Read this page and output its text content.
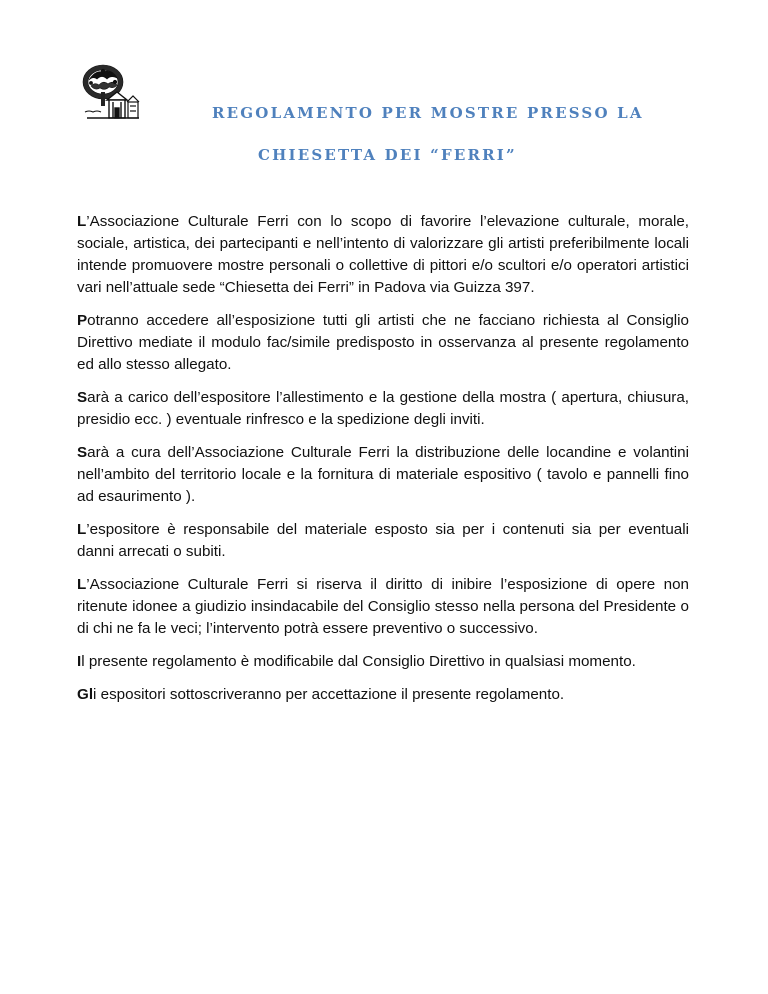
REGOLAMENTO PER MOSTRE PRESSO LA
CHIESETTA DEI “FERRI”

L’Associazione Culturale Ferri con lo scopo di favorire l’elevazione culturale, morale, sociale, artistica, dei partecipanti e nell’intento di valorizzare gli artisti preferibilmente locali intende promuovere mostre personali o collettive di pittori e/o scultori e/o operatori artistici vari nell’attuale sede “Chiesetta dei Ferri” in Padova via Guizza 397.

Potranno accedere all’esposizione tutti gli artisti che ne facciano richiesta al Consiglio Direttivo mediate il modulo fac/simile predisposto in osservanza al presente regolamento ed allo stesso allegato.

Sarà a carico dell’espositore l’allestimento e la gestione della mostra ( apertura, chiusura, presidio ecc. ) eventuale rinfresco e la spedizione degli inviti.

Sarà a cura dell’Associazione Culturale Ferri la distribuzione delle locandine e volantini nell’ambito del territorio locale e la fornitura di materiale espositivo ( tavolo e pannelli fino ad esaurimento ).

L’espositore è responsabile del materiale esposto sia per i contenuti sia per eventuali danni arrecati o subiti.

L’Associazione Culturale Ferri si riserva il diritto di inibire l’esposizione di opere non ritenute idonee a giudizio insindacabile del Consiglio stesso nella persona del Presidente o di chi ne fa le veci; l’intervento potrà essere preventivo o successivo.

Il presente regolamento è modificabile dal Consiglio Direttivo in qualsiasi momento.

Gli espositori sottoscriveranno per accettazione il presente regolamento.
